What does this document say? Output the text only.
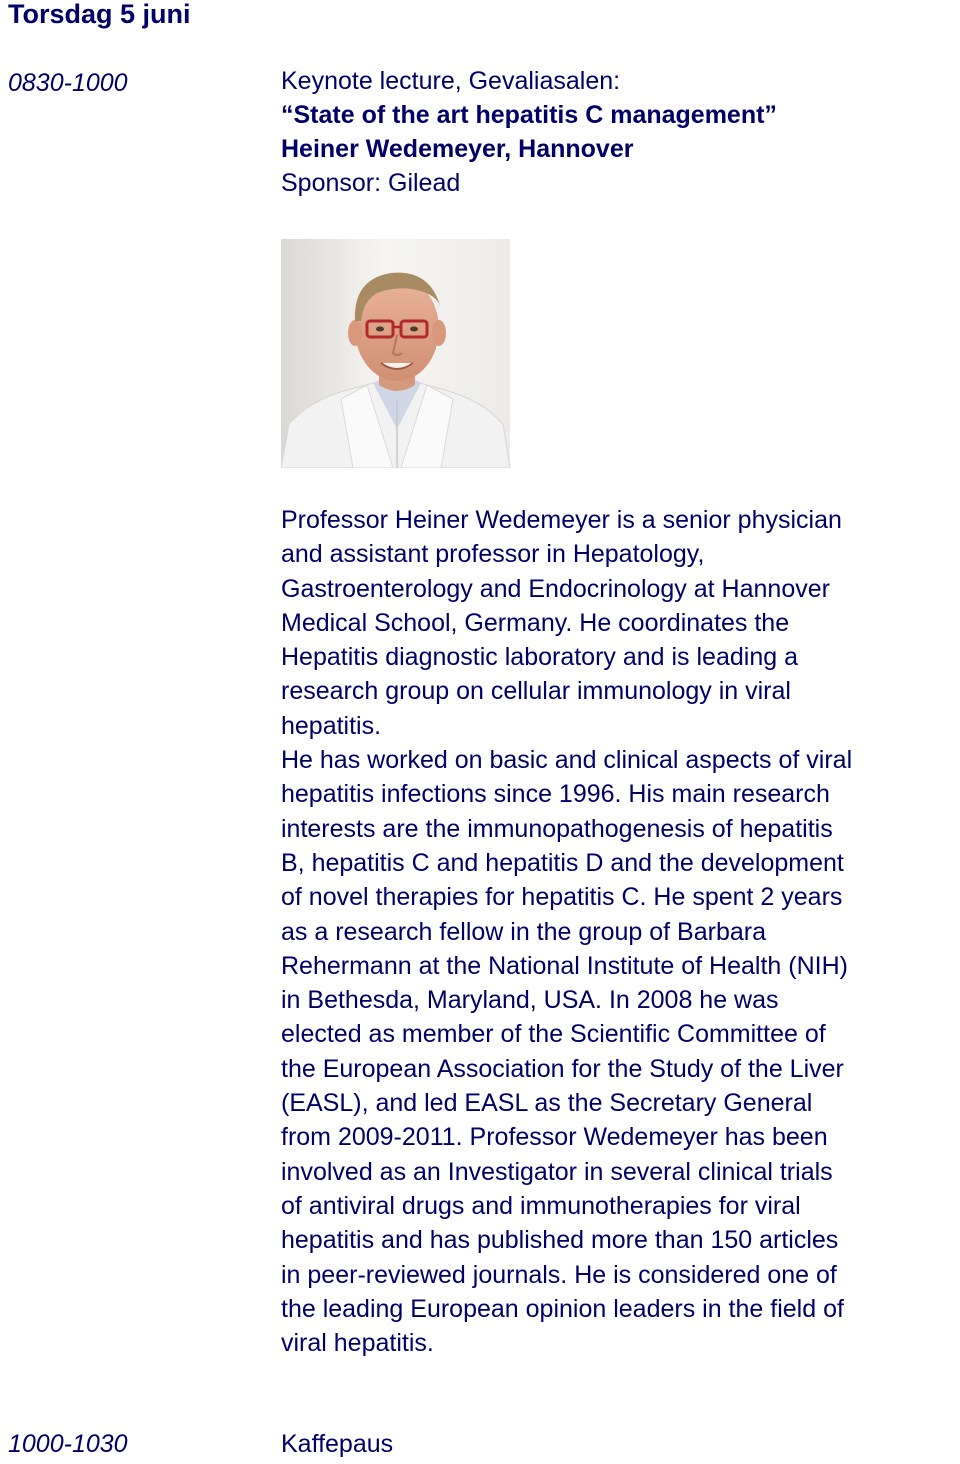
Torsdag 5 juni
0830-1000	Keynote lecture, Gevaliasalen:
“State of the art hepatitis C management”
Heiner Wedemeyer, Hannover
Sponsor: Gilead
Professor Heiner Wedemeyer is a senior physician
and assistant professor in Hepatology,
Gastroenterology and Endocrinology at Hannover
Medical School, Germany. He coordinates the
Hepatitis diagnostic laboratory and is leading a
research group on cellular immunology in viral
hepatitis.
He has worked on basic and clinical aspects of viral
hepatitis infections since 1996. His main research
interests are the immunopathogenesis of hepatitis
B, hepatitis C and hepatitis D and the development
of novel therapies for hepatitis C. He spent 2 years
as a research fellow in the group of Barbara
Rehermann at the National Institute of Health (NIH)
in Bethesda, Maryland, USA. In 2008 he was
elected as member of the Scientific Committee of
the European Association for the Study of the Liver
(EASL), and led EASL as the Secretary General
from 2009-2011. Professor Wedemeyer has been
involved as an Investigator in several clinical trials
of antiviral drugs and immunotherapies for viral
hepatitis and has published more than 150 articles
in peer-reviewed journals. He is considered one of
the leading European opinion leaders in the field of
viral hepatitis.
1000-1030	Kaffepaus
